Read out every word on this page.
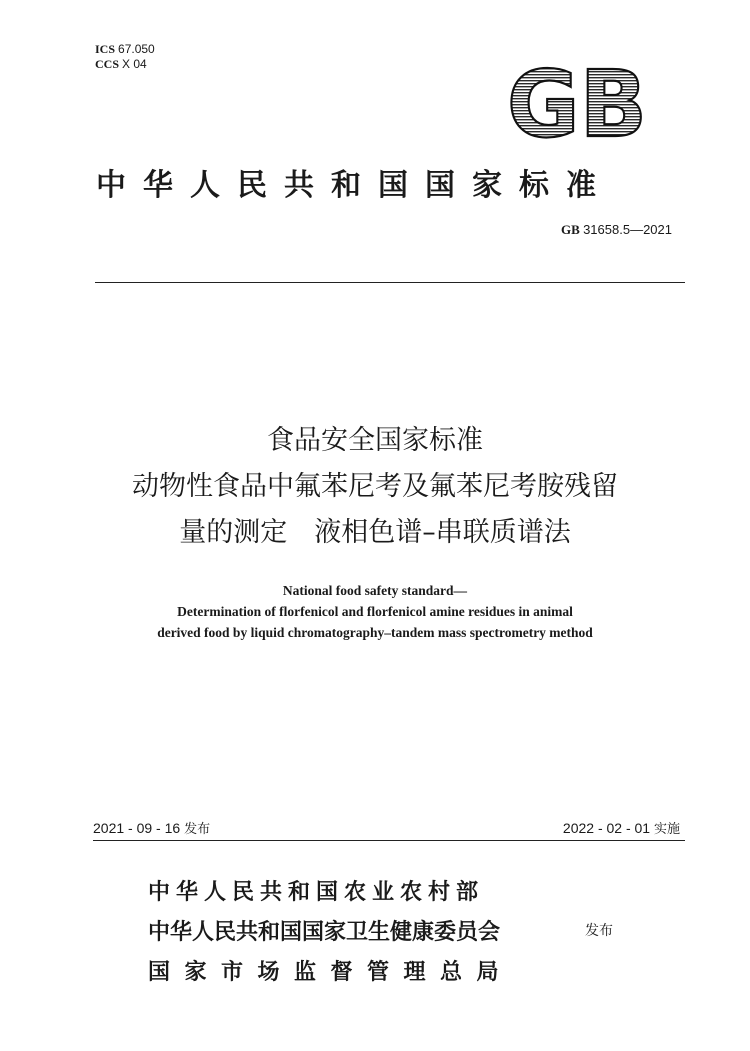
ICS 67.050
CCS X 04	GB
中华人民共和国国家标准
GB 31658.5—2021
食品安全国家标准
动物性食品中氟苯尼考及氟苯尼考胺残留
量的测定　液相色谱–串联质谱法
National food safety standard—
Determination of florfenicol and florfenicol amine residues in animal
derived food by liquid chromatography–tandem mass spectrometry method
2021 - 09 - 16 发布	2022 - 02 - 01 实施
中华人民共和国农业农村部
中华人民共和国国家卫生健康委员会
国家市场监督管理总局
发布
